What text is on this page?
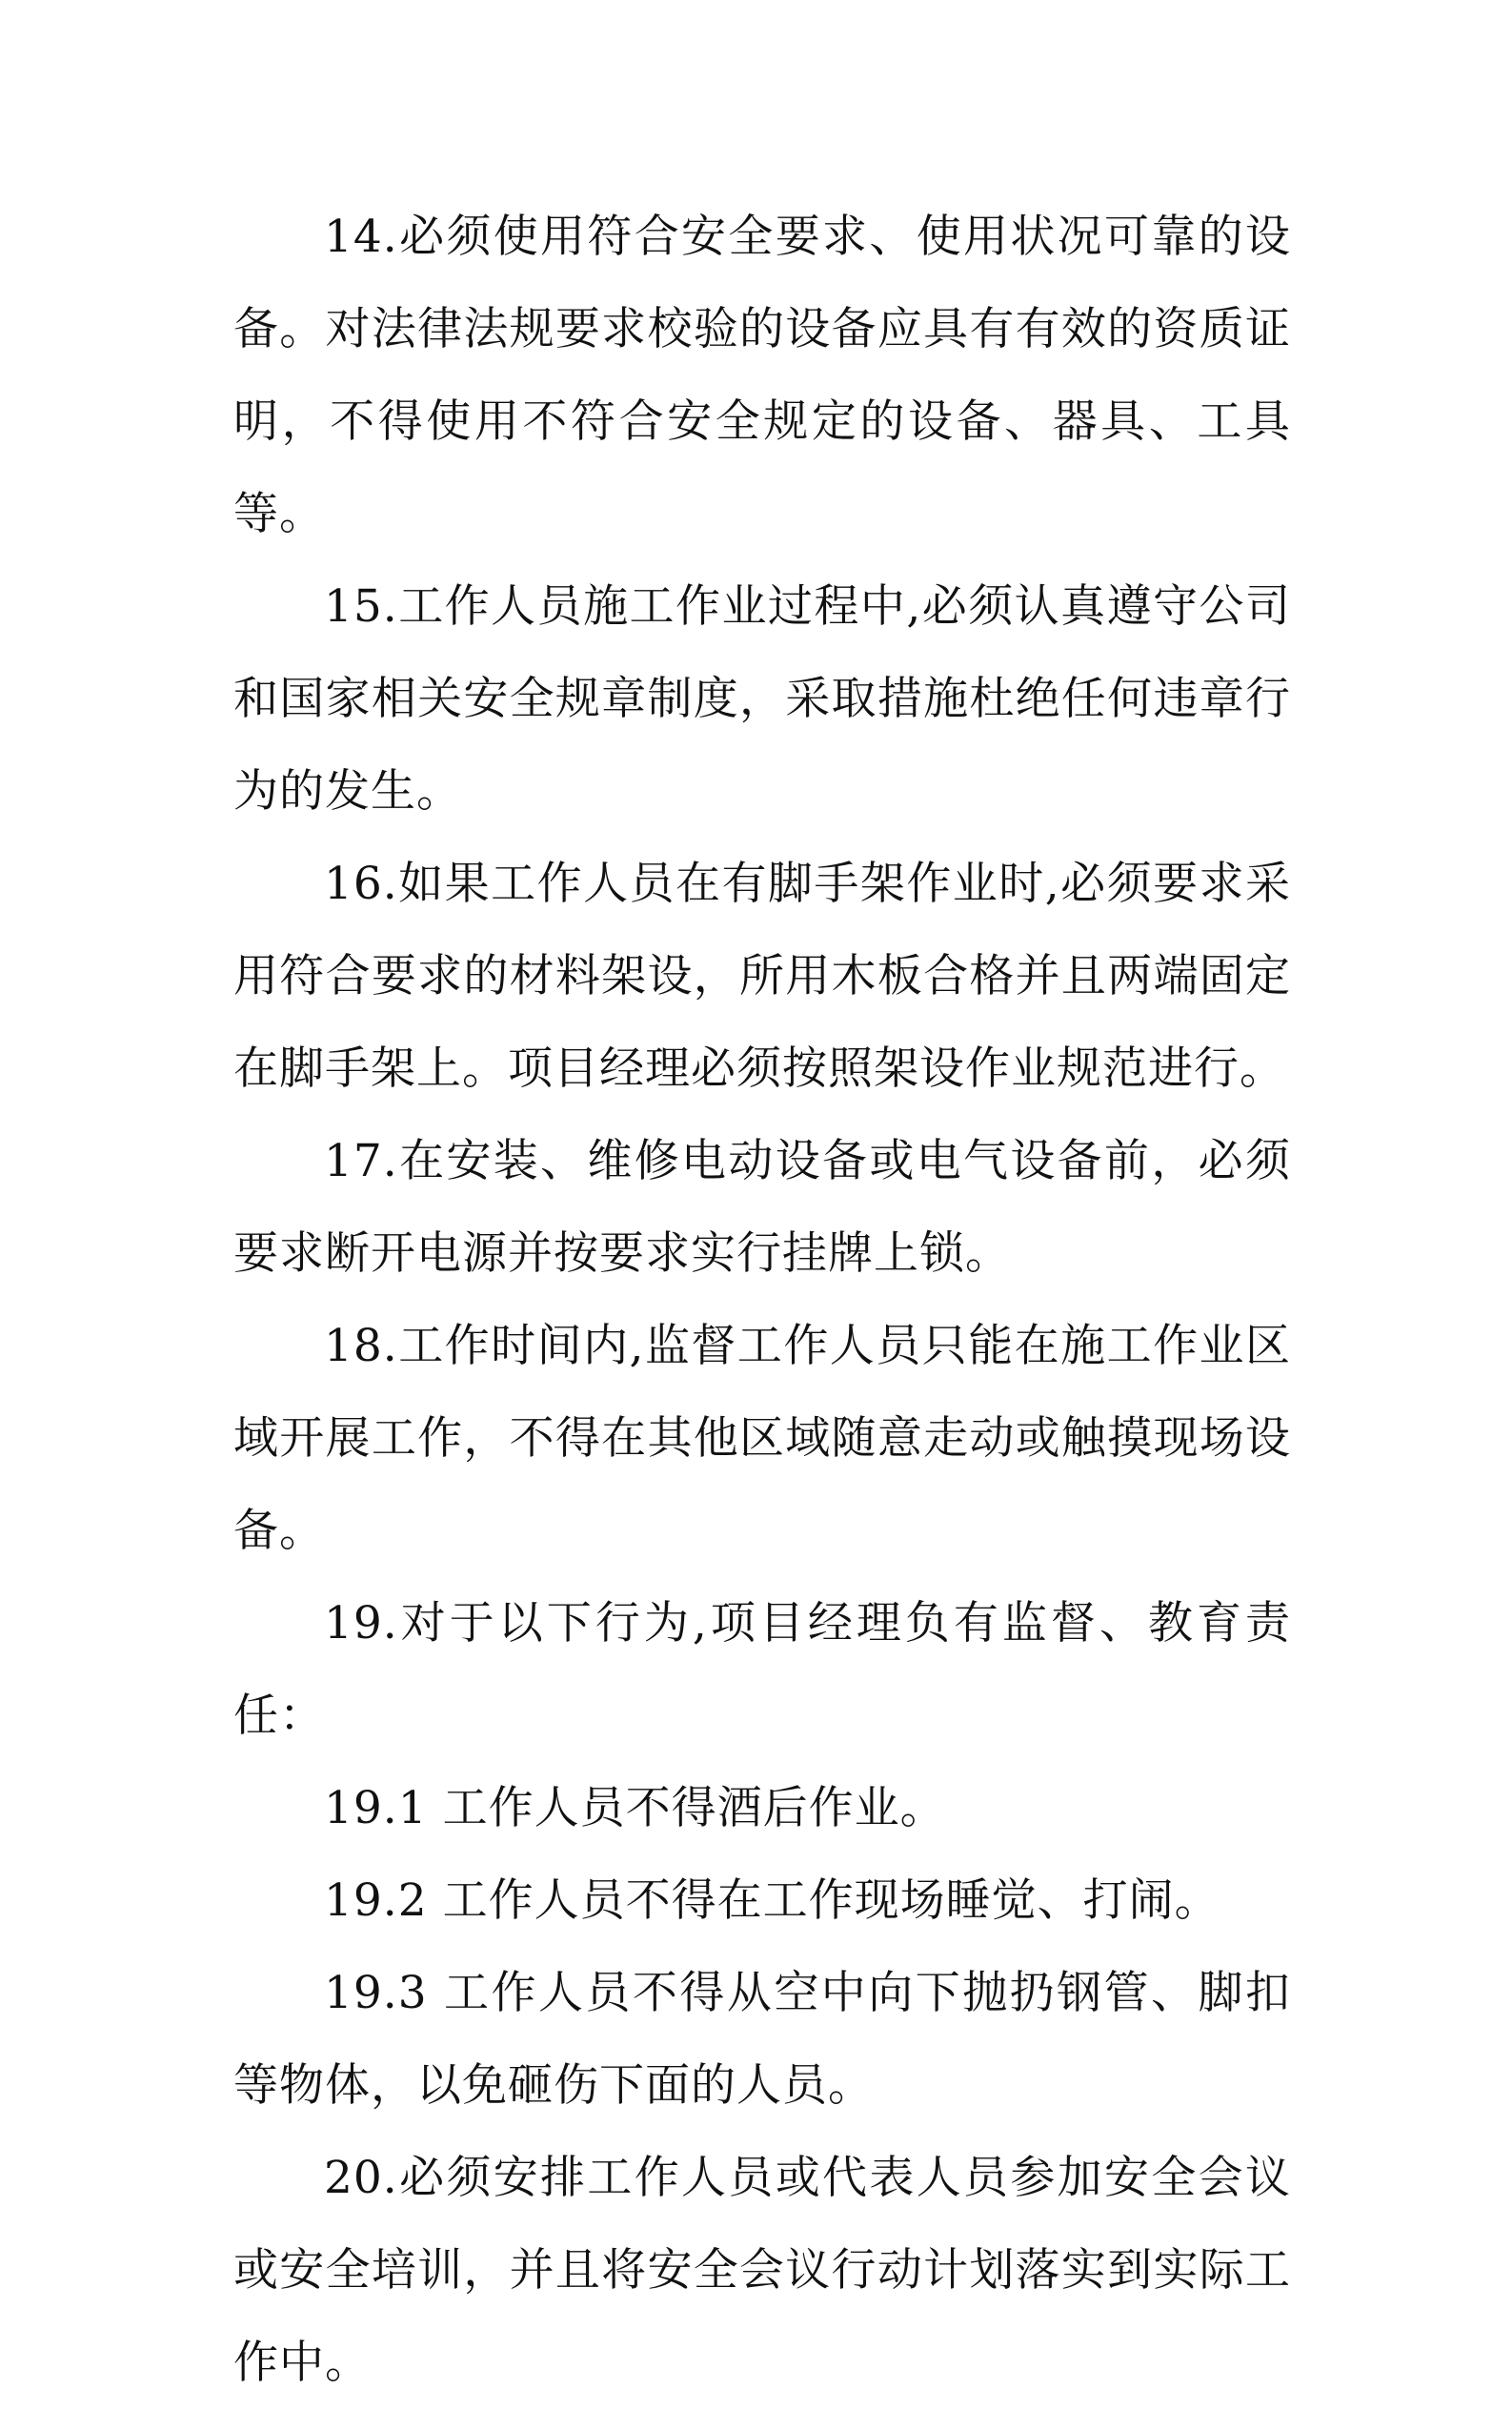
14.必须使用符合安全要求、使用状况可靠的设备。对法律法规要求校验的设备应具有有效的资质证明，不得使用不符合安全规定的设备、器具、工具等。

15.工作人员施工作业过程中,必须认真遵守公司和国家相关安全规章制度，采取措施杜绝任何违章行为的发生。

16.如果工作人员在有脚手架作业时,必须要求采用符合要求的材料架设，所用木板合格并且两端固定在脚手架上。项目经理必须按照架设作业规范进行。

17.在安装、维修电动设备或电气设备前，必须要求断开电源并按要求实行挂牌上锁。

18.工作时间内,监督工作人员只能在施工作业区域开展工作，不得在其他区域随意走动或触摸现场设备。

19.对于以下行为,项目经理负有监督、教育责任：

19.1 工作人员不得酒后作业。

19.2 工作人员不得在工作现场睡觉、打闹。

19.3 工作人员不得从空中向下抛扔钢管、脚扣等物体，以免砸伤下面的人员。

20.必须安排工作人员或代表人员参加安全会议或安全培训，并且将安全会议行动计划落实到实际工作中。
